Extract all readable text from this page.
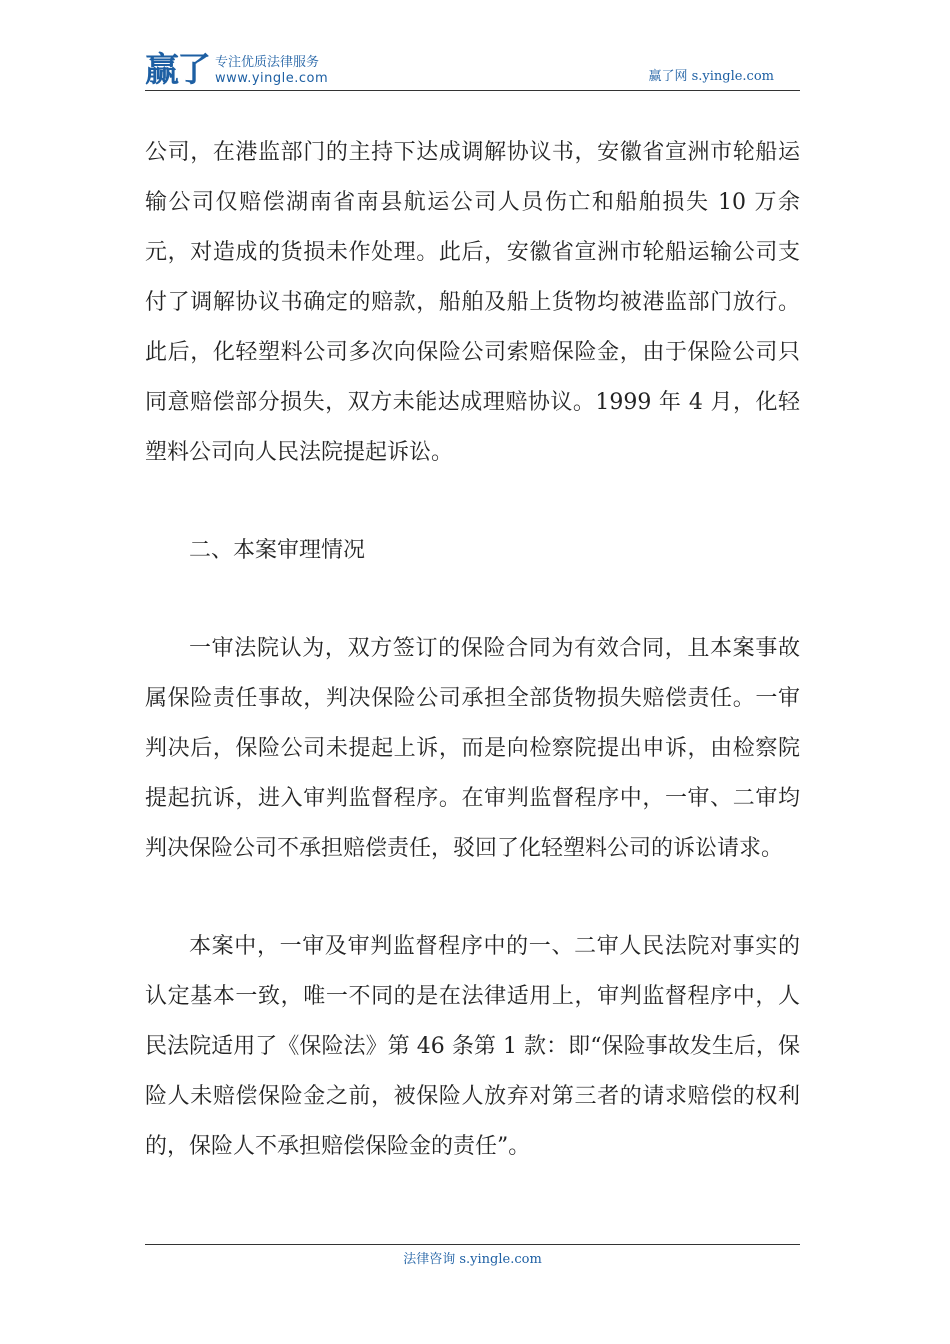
赢了 专注优质法律服务
www.yingle.com	赢了网 s.yingle.com

公司，在港监部门的主持下达成调解协议书，安徽省宣洲市轮船运输公司仅赔偿湖南省南县航运公司人员伤亡和船舶损失 10 万余元，对造成的货损未作处理。此后，安徽省宣洲市轮船运输公司支付了调解协议书确定的赔款，船舶及船上货物均被港监部门放行。此后，化轻塑料公司多次向保险公司索赔保险金，由于保险公司只同意赔偿部分损失，双方未能达成理赔协议。1999 年 4 月，化轻塑料公司向人民法院提起诉讼。

二、本案审理情况

一审法院认为，双方签订的保险合同为有效合同，且本案事故属保险责任事故，判决保险公司承担全部货物损失赔偿责任。一审判决后，保险公司未提起上诉，而是向检察院提出申诉，由检察院提起抗诉，进入审判监督程序。在审判监督程序中，一审、二审均判决保险公司不承担赔偿责任，驳回了化轻塑料公司的诉讼请求。

本案中，一审及审判监督程序中的一、二审人民法院对事实的认定基本一致，唯一不同的是在法律适用上，审判监督程序中，人民法院适用了《保险法》第 46 条第 1 款：即“保险事故发生后，保险人未赔偿保险金之前，被保险人放弃对第三者的请求赔偿的权利的，保险人不承担赔偿保险金的责任”。

法律咨询 s.yingle.com
